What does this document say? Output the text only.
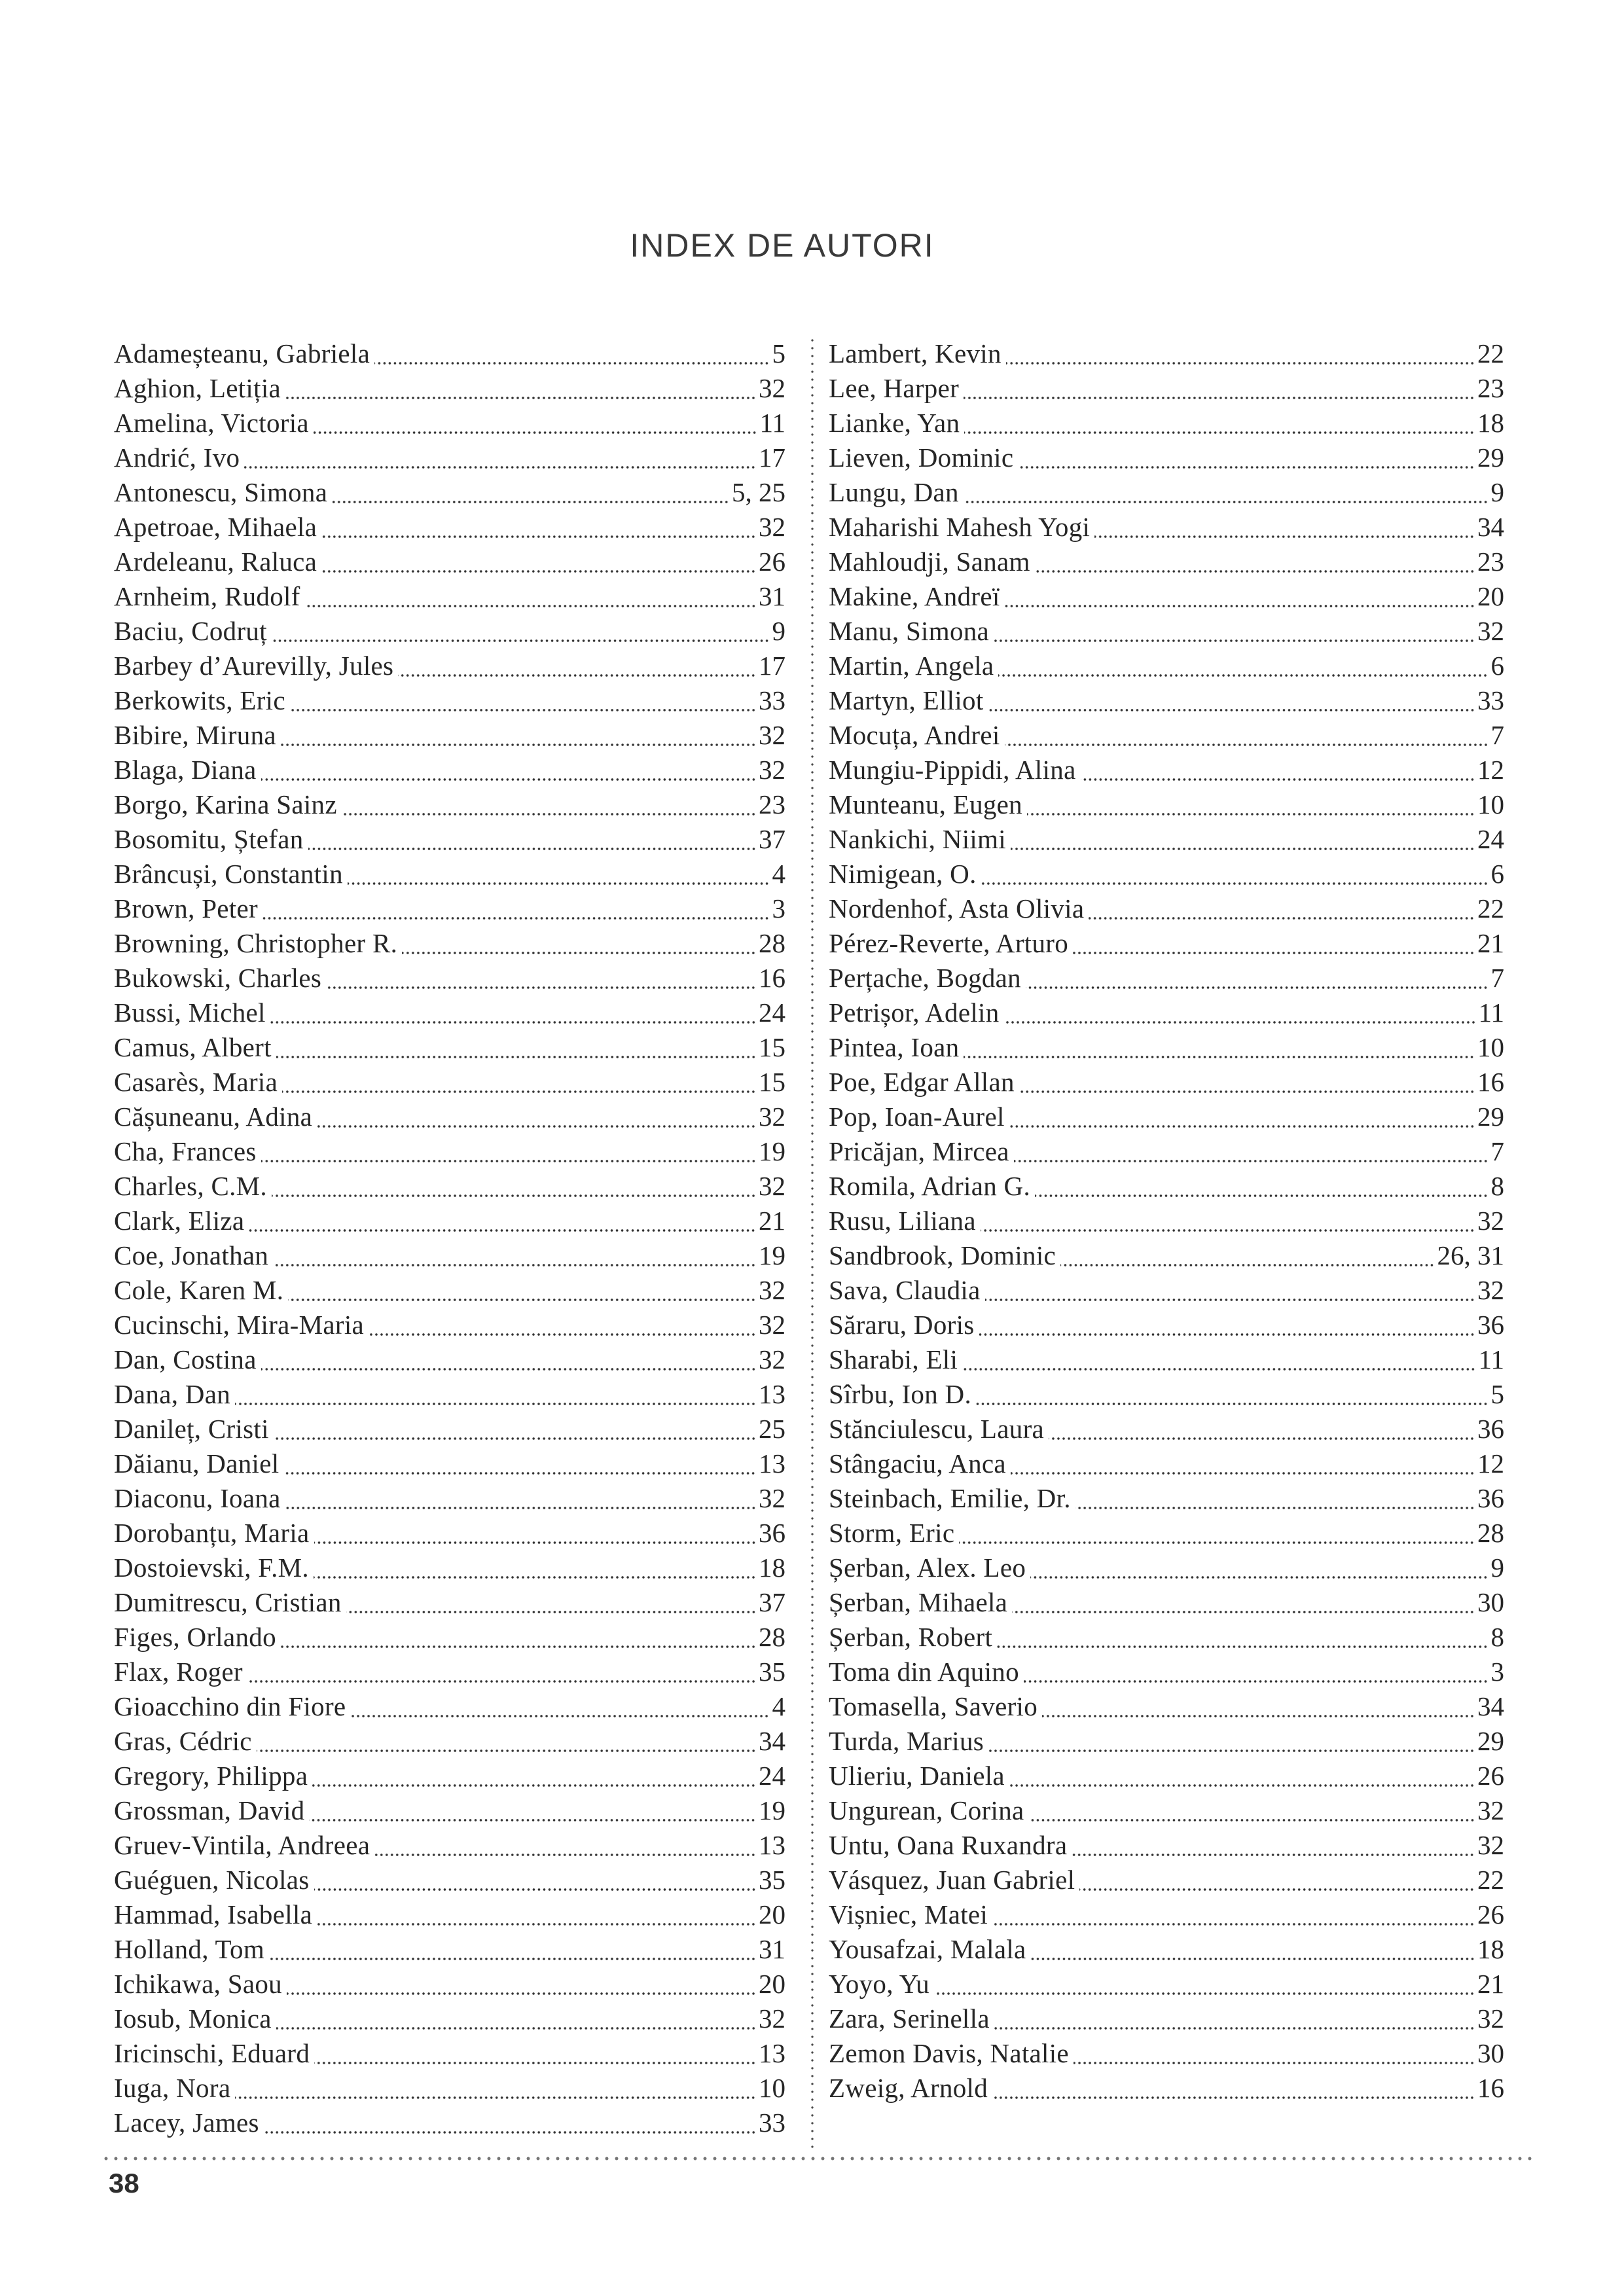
INDEX DE AUTORI
Adameșteanu, Gabriela	5
Aghion, Letiția	32
Amelina, Victoria	11
Andrić, Ivo	17
Antonescu, Simona	5, 25
Apetroae, Mihaela	32
Ardeleanu, Raluca	26
Arnheim, Rudolf	31
Baciu, Codruț	9
Barbey d’Aurevilly, Jules	17
Berkowits, Eric	33
Bibire, Miruna	32
Blaga, Diana	32
Borgo, Karina Sainz	23
Bosomitu, Ștefan	37
Brâncuși, Constantin	4
Brown, Peter	3
Browning, Christopher R.	28
Bukowski, Charles	16
Bussi, Michel	24
Camus, Albert	15
Casarès, Maria	15
Cășuneanu, Adina	32
Cha, Frances	19
Charles, C.M.	32
Clark, Eliza	21
Coe, Jonathan	19
Cole, Karen M.	32
Cucinschi, Mira-Maria	32
Dan, Costina	32
Dana, Dan	13
Danileț, Cristi	25
Dăianu, Daniel	13
Diaconu, Ioana	32
Dorobanțu, Maria	36
Dostoievski, F.M.	18
Dumitrescu, Cristian	37
Figes, Orlando	28
Flax, Roger	35
Gioacchino din Fiore	4
Gras, Cédric	34
Gregory, Philippa	24
Grossman, David	19
Gruev-Vintila, Andreea	13
Guéguen, Nicolas	35
Hammad, Isabella	20
Holland, Tom	31
Ichikawa, Saou	20
Iosub, Monica	32
Iricinschi, Eduard	13
Iuga, Nora	10
Lacey, James	33
Lambert, Kevin	22
Lee, Harper	23
Lianke, Yan	18
Lieven, Dominic	29
Lungu, Dan	9
Maharishi Mahesh Yogi	34
Mahloudji, Sanam	23
Makine, Andreï	20
Manu, Simona	32
Martin, Angela	6
Martyn, Elliot	33
Mocuța, Andrei	7
Mungiu-Pippidi, Alina	12
Munteanu, Eugen	10
Nankichi, Niimi	24
Nimigean, O.	6
Nordenhof, Asta Olivia	22
Pérez-Reverte, Arturo	21
Perțache, Bogdan	7
Petrișor, Adelin	11
Pintea, Ioan	10
Poe, Edgar Allan	16
Pop, Ioan-Aurel	29
Pricăjan, Mircea	7
Romila, Adrian G.	8
Rusu, Liliana	32
Sandbrook, Dominic	26, 31
Sava, Claudia	32
Săraru, Doris	36
Sharabi, Eli	11
Sîrbu, Ion D.	5
Stănciulescu, Laura	36
Stângaciu, Anca	12
Steinbach, Emilie, Dr.	36
Storm, Eric	28
Șerban, Alex. Leo	9
Șerban, Mihaela	30
Șerban, Robert	8
Toma din Aquino	3
Tomasella, Saverio	34
Turda, Marius	29
Ulieriu, Daniela	26
Ungurean, Corina	32
Untu, Oana Ruxandra	32
Vásquez, Juan Gabriel	22
Vișniec, Matei	26
Yousafzai, Malala	18
Yoyo, Yu	21
Zara, Serinella	32
Zemon Davis, Natalie	30
Zweig, Arnold	16
38
